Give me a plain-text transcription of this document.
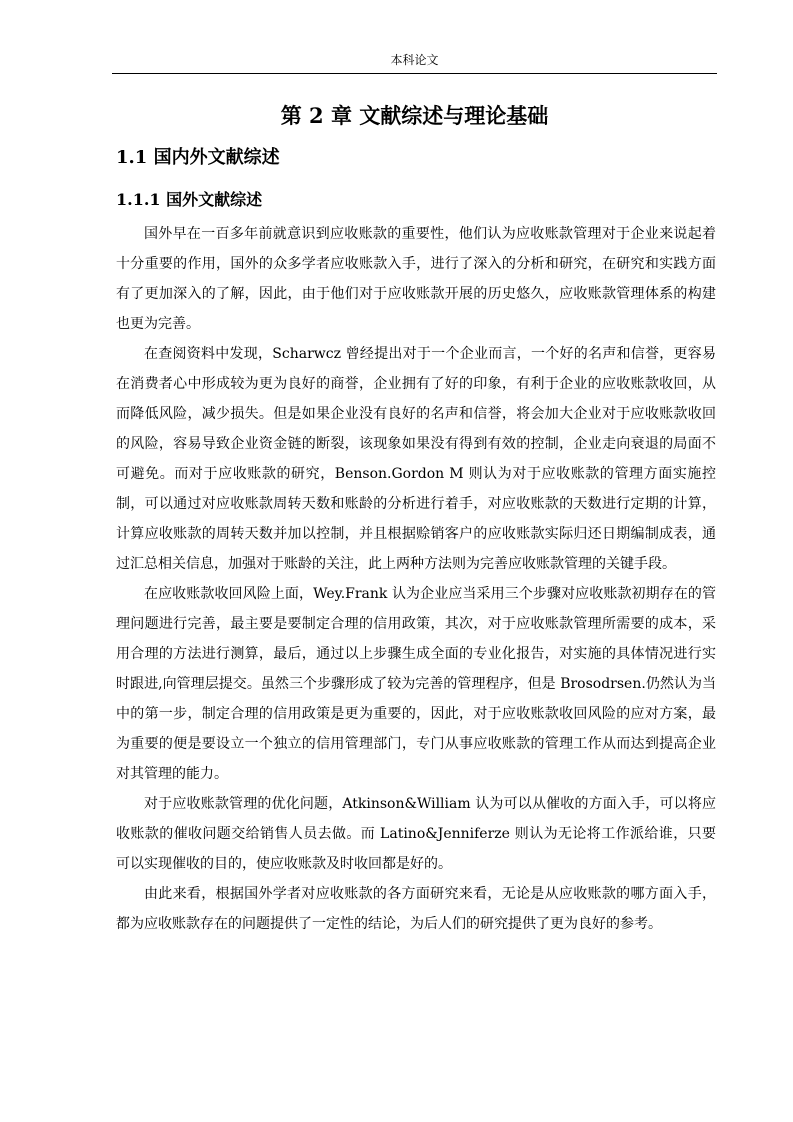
本科论文
第 2 章 文献综述与理论基础
1.1 国内外文献综述
1.1.1 国外文献综述

国外早在一百多年前就意识到应收账款的重要性，他们认为应收账款管理对于企业来说起着十分重要的作用，国外的众多学者应收账款入手，进行了深入的分析和研究，在研究和实践方面有了更加深入的了解，因此，由于他们对于应收账款开展的历史悠久，应收账款管理体系的构建也更为完善。

在查阅资料中发现，Scharwcz 曾经提出对于一个企业而言，一个好的名声和信誉，更容易在消费者心中形成较为更为良好的商誉，企业拥有了好的印象，有利于企业的应收账款收回，从而降低风险，减少损失。但是如果企业没有良好的名声和信誉，将会加大企业对于应收账款收回的风险，容易导致企业资金链的断裂，该现象如果没有得到有效的控制，企业走向衰退的局面不可避免。而对于应收账款的研究，Benson.Gordon M 则认为对于应收账款的管理方面实施控制，可以通过对应收账款周转天数和账龄的分析进行着手，对应收账款的天数进行定期的计算，计算应收账款的周转天数并加以控制，并且根据赊销客户的应收账款实际归还日期编制成表，通过汇总相关信息，加强对于账龄的关注，此上两种方法则为完善应收账款管理的关键手段。

在应收账款收回风险上面，Wey.Frank 认为企业应当采用三个步骤对应收账款初期存在的管理问题进行完善，最主要是要制定合理的信用政策，其次，对于应收账款管理所需要的成本，采用合理的方法进行测算，最后，通过以上步骤生成全面的专业化报告，对实施的具体情况进行实时跟进,向管理层提交。虽然三个步骤形成了较为完善的管理程序，但是 Brosodrsen.仍然认为当中的第一步，制定合理的信用政策是更为重要的，因此，对于应收账款收回风险的应对方案，最为重要的便是要设立一个独立的信用管理部门，专门从事应收账款的管理工作从而达到提高企业对其管理的能力。

对于应收账款管理的优化问题，Atkinson&William 认为可以从催收的方面入手，可以将应收账款的催收问题交给销售人员去做。而 Latino&Jenniferze 则认为无论将工作派给谁，只要可以实现催收的目的，使应收账款及时收回都是好的。

由此来看，根据国外学者对应收账款的各方面研究来看，无论是从应收账款的哪方面入手，都为应收账款存在的问题提供了一定性的结论，为后人们的研究提供了更为良好的参考。
